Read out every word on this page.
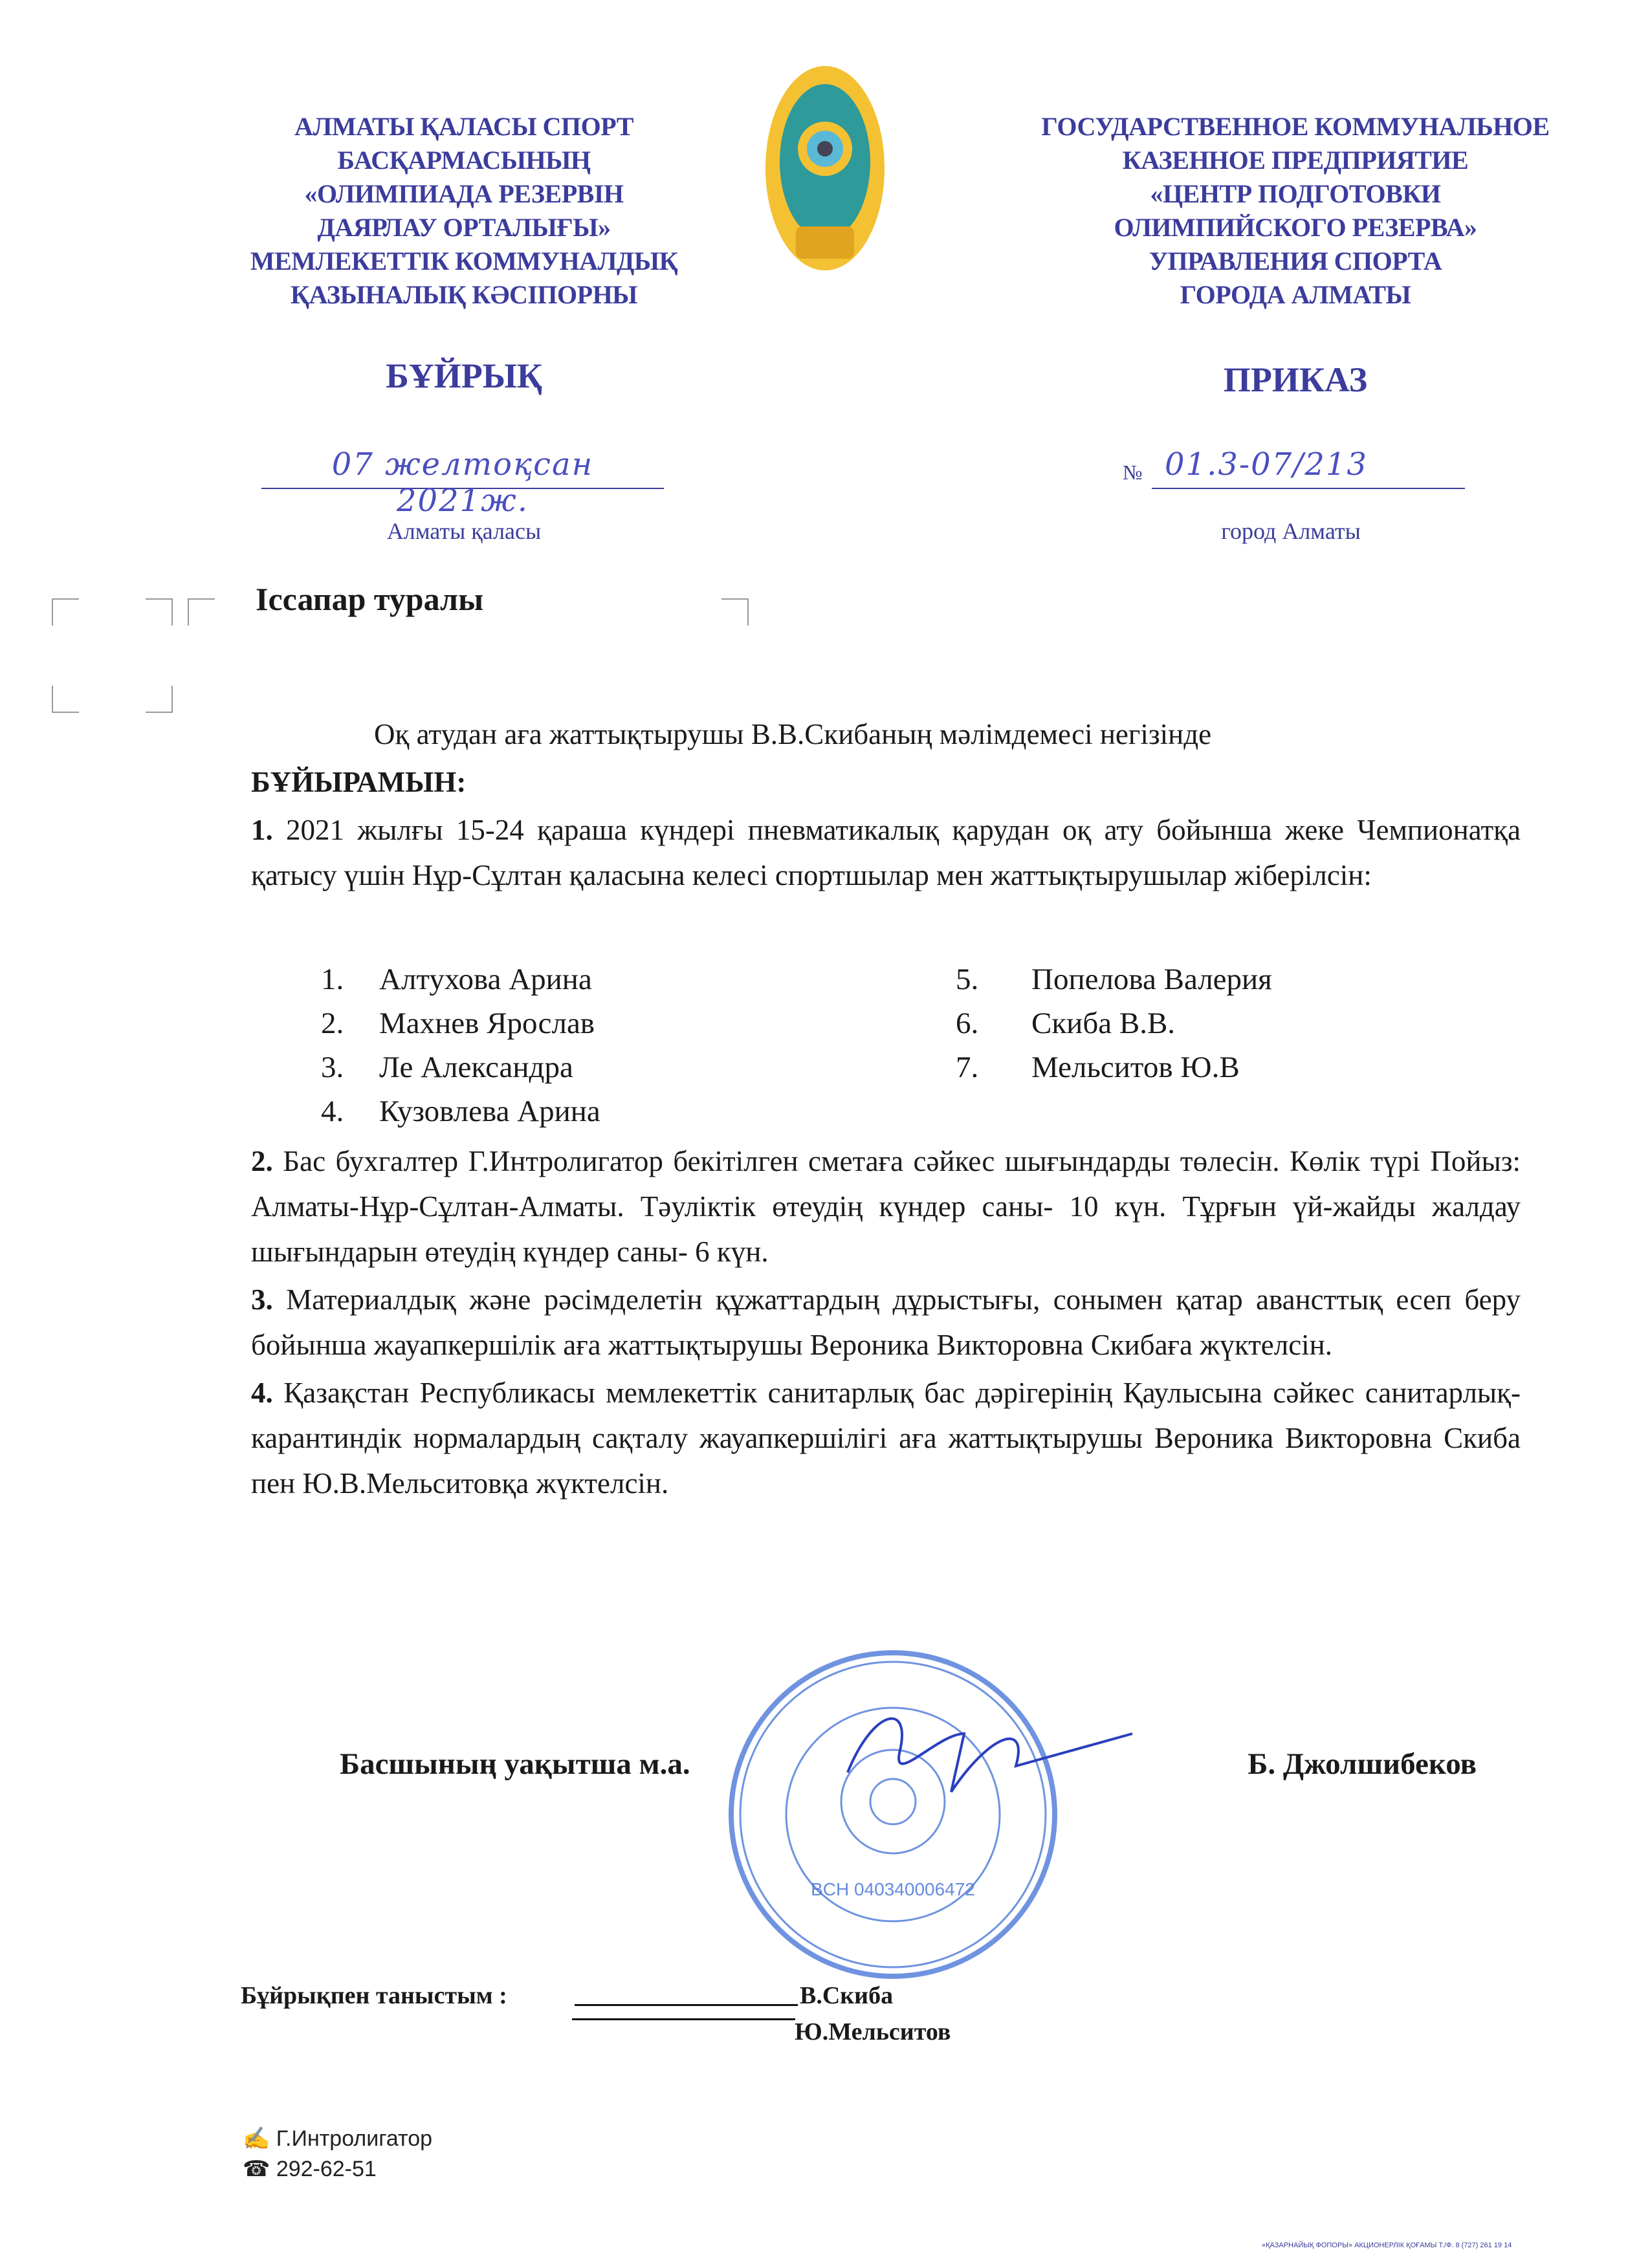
АЛМАТЫ ҚАЛАСЫ СПОРТ
БАСҚАРМАСЫНЫҢ
«ОЛИМПИАДА РЕЗЕРВІН
ДАЯРЛАУ ОРТАЛЫҒЫ»
МЕМЛЕКЕТТІК КОММУНАЛДЫҚ
ҚАЗЫНАЛЫҚ КӘСІПОРНЫ
ГОСУДАРСТВЕННОЕ КОММУНАЛЬНОЕ
КАЗЕННОЕ ПРЕДПРИЯТИЕ
«ЦЕНТР ПОДГОТОВКИ
ОЛИМПИЙСКОГО РЕЗЕРВА»
УПРАВЛЕНИЯ СПОРТА
ГОРОДА АЛМАТЫ
БҰЙРЫҚ	ПРИКАЗ
07 желтоқсан 2021ж.
№ 01.3-07/213
Алматы қаласы	город Алматы
Іссапар туралы

Оқ атудан аға жаттықтырушы В.В.Скибаның мәлімдемесі негізінде

БҰЙЫРАМЫН:

1. 2021 жылғы 15-24 қараша күндері пневматикалық қарудан оқ ату бойынша жеке Чемпионатқа қатысу үшін Нұр-Сұлтан қаласына келесі спортшылар мен жаттықтырушылар жіберілсін:

1. Алтухова Арина
2. Махнев Ярослав
3. Ле Александра
4. Кузовлева Арина
5. Попелова Валерия
6. Скиба В.В.
7. Мельситов Ю.В

2. Бас бухгалтер Г.Интролигатор бекітілген сметаға сәйкес шығындарды төлесін. Көлік түрі Пойыз: Алматы-Нұр-Сұлтан-Алматы. Тәуліктік өтеудің күндер саны- 10 күн. Тұрғын үй-жайды жалдау шығындарын өтеудің күндер саны- 6 күн.

3. Материалдық және рәсімделетін құжаттардың дұрыстығы, сонымен қатар авансттық есеп беру бойынша жауапкершілік аға жаттықтырушы Вероника Викторовна Скибаға жүктелсін.

4. Қазақстан Республикасы мемлекеттік санитарлық бас дәрігерінің Қаулысына сәйкес санитарлық-карантиндік нормалардың сақталу жауапкершілігі аға жаттықтырушы Вероника Викторовна Скиба пен Ю.В.Мельситовқа жүктелсін.

BCH 040340006472
Басшының уақытша м.а.	Б. Джолшибеков
Бұйрықпен таныстым :	В.Скиба
Ю.Мельситов
✍ Г.Интролигатор
☎ 292-62-51
«ҚАЗАРНАЙЫҚ ФОПОРЫ» АКЦИОНЕРЛІК ҚОҒАМЫ Т./Ф. 8 (727) 261 19 14
